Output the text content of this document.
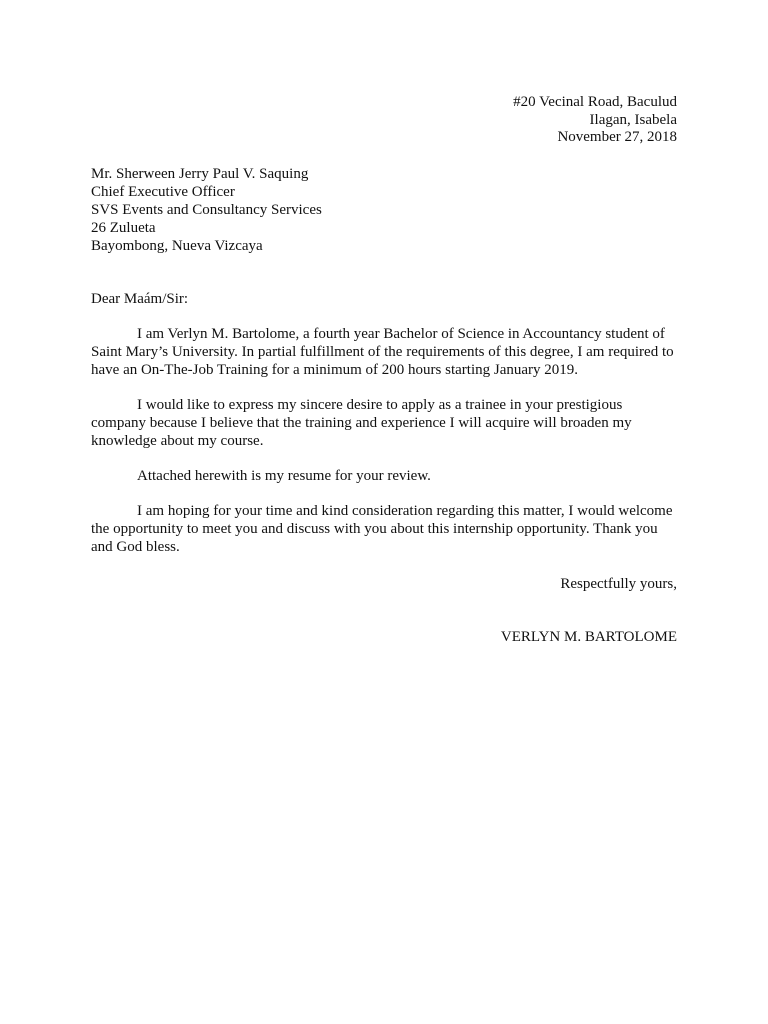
#20 Vecinal Road, Baculud
Ilagan, Isabela
November 27, 2018
Mr. Sherween Jerry Paul V. Saquing
Chief Executive Officer
SVS Events and Consultancy Services
26 Zulueta
Bayombong, Nueva Vizcaya
Dear Maám/Sir:

I am Verlyn M. Bartolome, a fourth year Bachelor of Science in Accountancy student of
Saint Mary’s University. In partial fulfillment of the requirements of this degree, I am required to
have an On-The-Job Training for a minimum of 200 hours starting January 2019.

I would like to express my sincere desire to apply as a trainee in your prestigious
company because I believe that the training and experience I will acquire will broaden my
knowledge about my course.

Attached herewith is my resume for your review.

I am hoping for your time and kind consideration regarding this matter, I would welcome
the opportunity to meet you and discuss with you about this internship opportunity. Thank you
and God bless.

Respectfully yours,
VERLYN M. BARTOLOME
